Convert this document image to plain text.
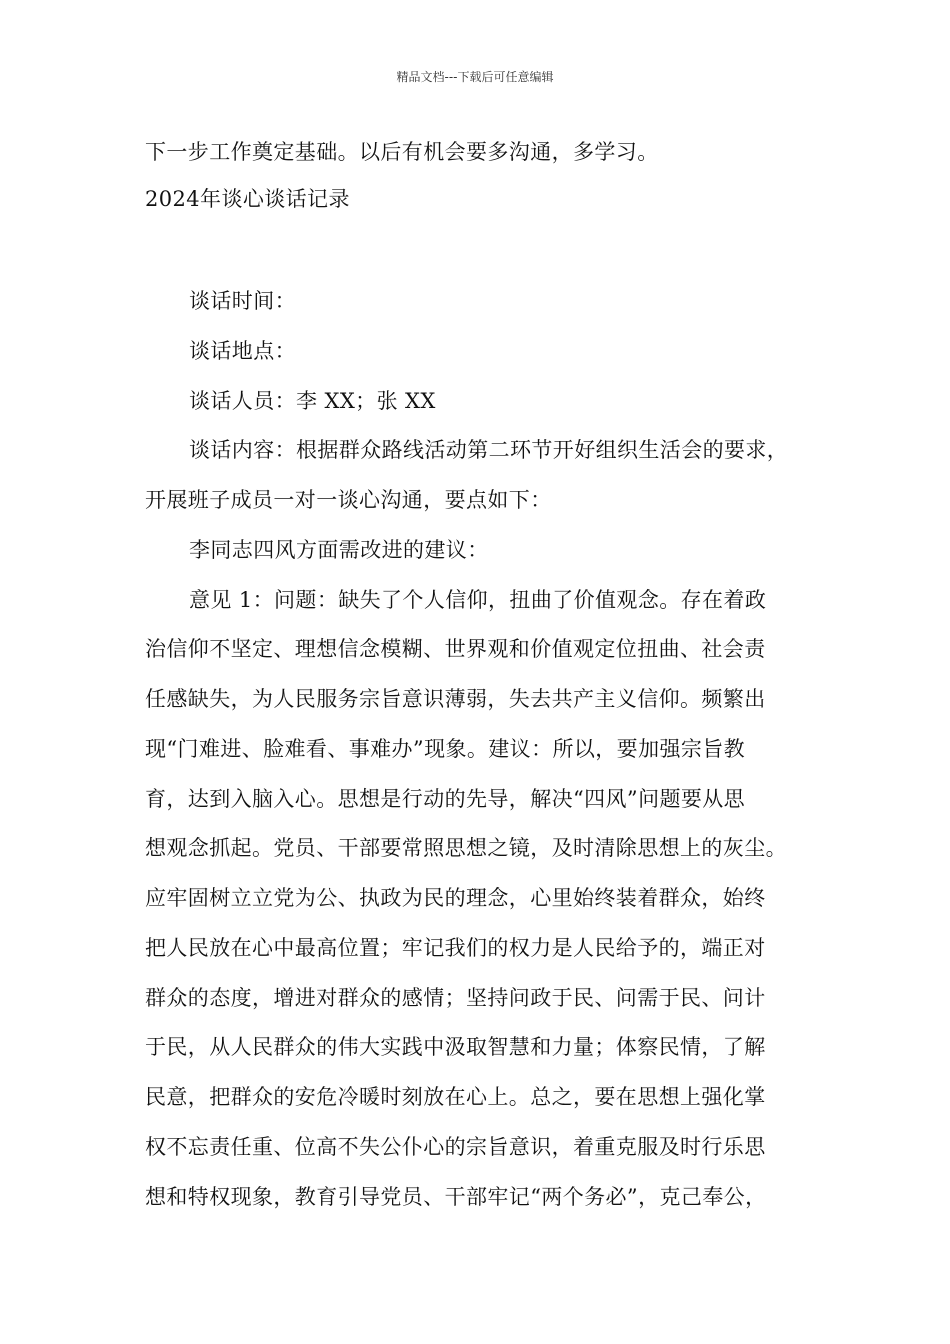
精品文档---下载后可任意编辑
下一步工作奠定基础。以后有机会要多沟通，多学习。
2024年谈心谈话记录
谈话时间：
谈话地点：
谈话人员：李 XX；张 XX
谈话内容：根据群众路线活动第二环节开好组织生活会的要求，
开展班子成员一对一谈心沟通，要点如下：
李同志四风方面需改进的建议：
意见 1：问题：缺失了个人信仰，扭曲了价值观念。存在着政
治信仰不坚定、理想信念模糊、世界观和价值观定位扭曲、社会责
任感缺失，为人民服务宗旨意识薄弱，失去共产主义信仰。频繁出
现“门难进、脸难看、事难办”现象。建议：所以，要加强宗旨教
育，达到入脑入心。思想是行动的先导，解决“四风”问题要从思
想观念抓起。党员、干部要常照思想之镜，及时清除思想上的灰尘。
应牢固树立立党为公、执政为民的理念，心里始终装着群众，始终
把人民放在心中最高位置；牢记我们的权力是人民给予的，端正对
群众的态度，增进对群众的感情；坚持问政于民、问需于民、问计
于民，从人民群众的伟大实践中汲取智慧和力量；体察民情，了解
民意，把群众的安危冷暖时刻放在心上。总之，要在思想上强化掌
权不忘责任重、位高不失公仆心的宗旨意识，着重克服及时行乐思
想和特权现象，教育引导党员、干部牢记“两个务必”，克己奉公，
